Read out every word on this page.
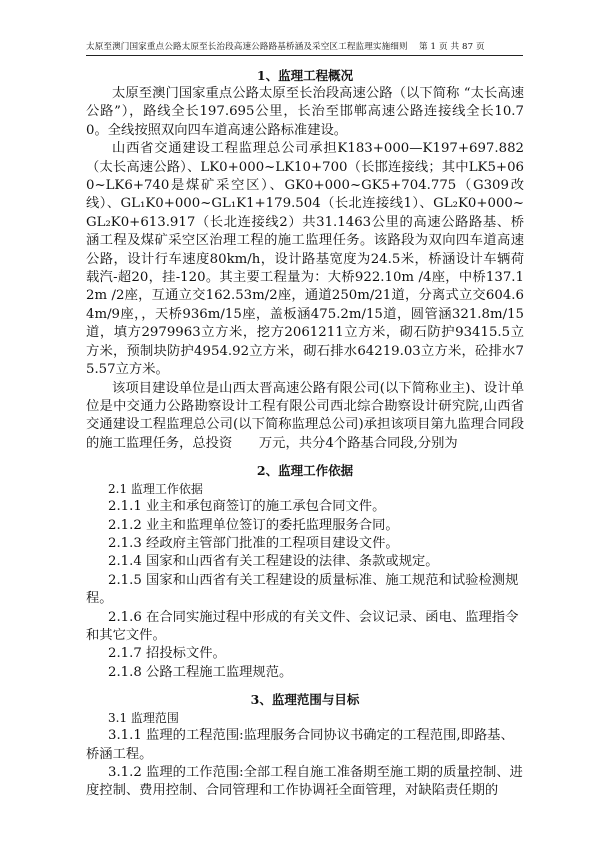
太原至澳门国家重点公路太原至长治段高速公路路基桥涵及采空区工程监理实施细则 第 1 页 共 87 页
1、监理工程概况

太原至澳门国家重点公路太原至长治段高速公路（以下简称 “太长高速公路”），路线全长197.695公里，长治至邯郸高速公路连接线全长10.70。全线按照双向四车道高速公路标准建设。

山西省交通建设工程监理总公司承担K183+000—K197+697.882（太长高速公路）、LK0+000~LK10+700（长邯连接线；其中LK5+060~LK6+740是煤矿采空区）、GK0+000~GK5+704.775（G309改线）、GL₁K0+000~GL₁K1+179.504（长北连接线1）、GL₂K0+000~GL₂K0+613.917（长北连接线2）共31.1463公里的高速公路路基、桥涵工程及煤矿采空区治理工程的施工监理任务。该路段为双向四车道高速公路，设计行车速度80km/h，设计路基宽度为24.5米，桥涵设计车辆荷载汽-超20，挂-120。其主要工程量为：大桥922.10m /4座，中桥137.12m /2座，互通立交162.53m/2座，通道250m/21道，分离式立交604.64m/9座，，天桥936m/15座，盖板涵475.2m/15道，圆管涵321.8m/15道，填方2979963立方米，挖方2061211立方米，砌石防护93415.5立方米，预制块防护4954.92立方米，砌石排水64219.03立方米，砼排水75.57立方米。

该项目建设单位是山西太晋高速公路有限公司(以下简称业主)、设计单位是中交通力公路勘察设计工程有限公司西北综合勘察设计研究院,山西省交通建设工程监理总公司(以下简称监理总公司)承担该项目第九监理合同段的施工监理任务，总投资　　万元，共分4个路基合同段,分别为

2、监理工作依据
2.1 监理工作依据
2.1.1 业主和承包商签订的施工承包合同文件。
2.1.2 业主和监理单位签订的委托监理服务合同。
2.1.3 经政府主管部门批准的工程项目建设文件。
2.1.4 国家和山西省有关工程建设的法律、条款或规定。
2.1.5 国家和山西省有关工程建设的质量标准、施工规范和试验检测规程。
2.1.6 在合同实施过程中形成的有关文件、会议记录、函电、监理指令和其它文件。
2.1.7 招投标文件。
2.1.8 公路工程施工监理规范。
3、监理范围与目标
3.1 监理范围
3.1.1 监理的工程范围:监理服务合同协议书确定的工程范围,即路基、桥涵工程。
3.1.2 监理的工作范围:全部工程自施工准备期至施工期的质量控制、进度控制、费用控制、合同管理和工作协调衽全面管理，对缺陷责任期的
